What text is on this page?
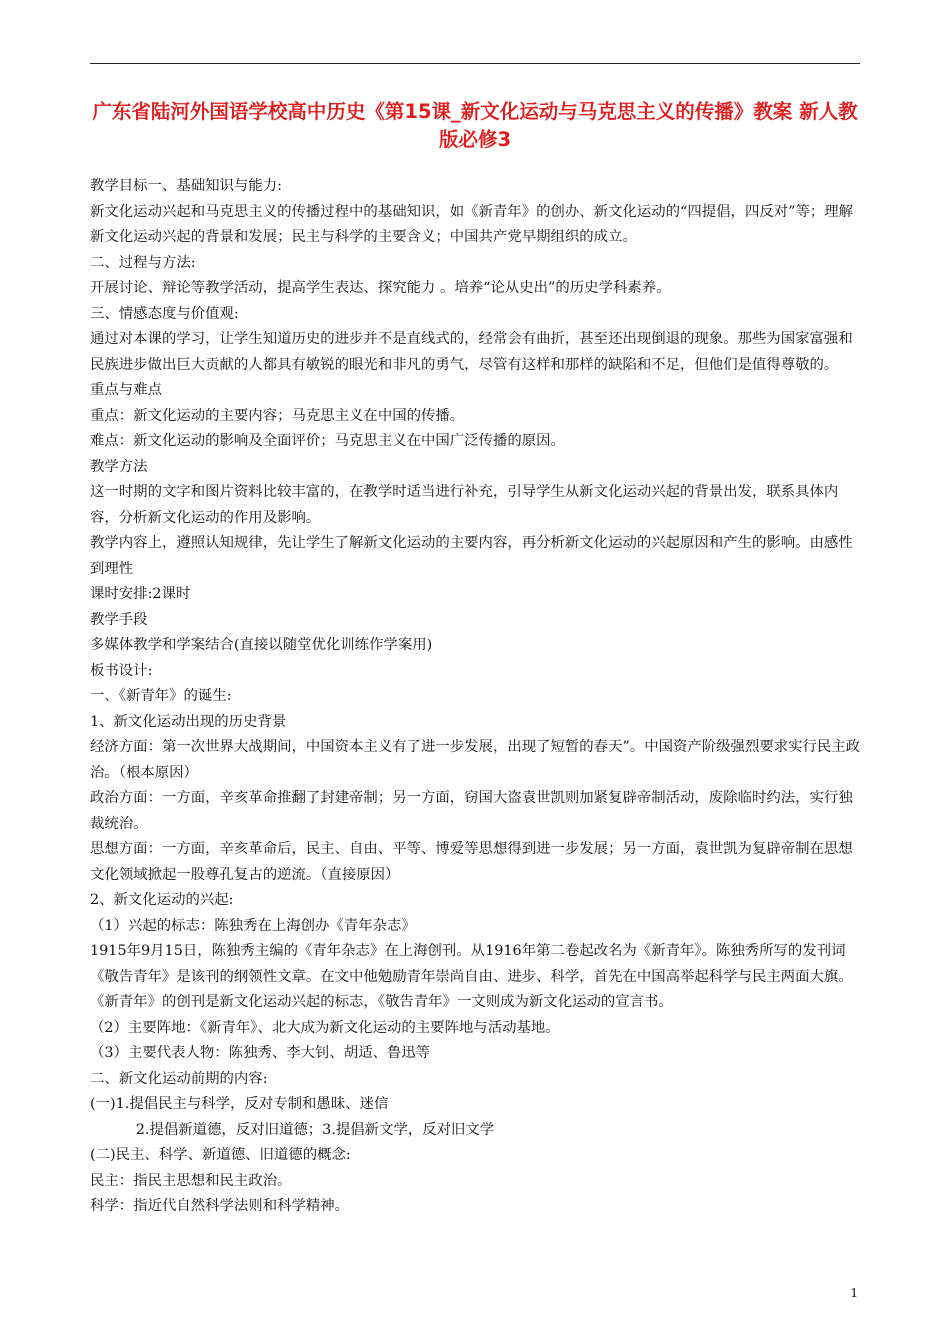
广东省陆河外国语学校高中历史《第15课_新文化运动与马克思主义的传播》教案 新人教版必修3

教学目标一、基础知识与能力:

新文化运动兴起和马克思主义的传播过程中的基础知识，如《新青年》的创办、新文化运动的“四提倡，四反对”等；理解新文化运动兴起的背景和发展；民主与科学的主要含义；中国共产党早期组织的成立。

二、过程与方法:

开展讨论、辩论等教学活动，提高学生表达、探究能力 。培养“论从史出”的历史学科素养。

三、情感态度与价值观:

通过对本课的学习，让学生知道历史的进步并不是直线式的，经常会有曲折，甚至还出现倒退的现象。那些为国家富强和民族进步做出巨大贡献的人都具有敏锐的眼光和非凡的勇气，尽管有这样和那样的缺陷和不足，但他们是值得尊敬的。

重点与难点

重点：新文化运动的主要内容；马克思主义在中国的传播。

难点：新文化运动的影响及全面评价；马克思主义在中国广泛传播的原因。

教学方法

这一时期的文字和图片资料比较丰富的，在教学时适当进行补充，引导学生从新文化运动兴起的背景出发，联系具体内容，分析新文化运动的作用及影响。

教学内容上，遵照认知规律，先让学生了解新文化运动的主要内容，再分析新文化运动的兴起原因和产生的影响。由感性到理性

课时安排:2课时

教学手段

多媒体教学和学案结合(直接以随堂优化训练作学案用)

板书设计:

一、《新青年》的诞生:

1、新文化运动出现的历史背景

经济方面：第一次世界大战期间，中国资本主义有了进一步发展，出现了短暂的春天”。中国资产阶级强烈要求实行民主政治。（根本原因）

政治方面：一方面，辛亥革命推翻了封建帝制；另一方面，窃国大盗袁世凯则加紧复辟帝制活动，废除临时约法，实行独裁统治。

思想方面：一方面，辛亥革命后，民主、自由、平等、博爱等思想得到进一步发展；另一方面，袁世凯为复辟帝制在思想文化领域掀起一股尊孔复古的逆流。（直接原因）

2、新文化运动的兴起:

（1）兴起的标志：陈独秀在上海创办《青年杂志》

1915年9月15日，陈独秀主编的《青年杂志》在上海创刊。从1916年第二卷起改名为《新青年》。陈独秀所写的发刊词《敬告青年》是该刊的纲领性文章。在文中他勉励青年崇尚自由、进步、科学，首先在中国高举起科学与民主两面大旗。《新青年》的创刊是新文化运动兴起的标志，《敬告青年》一文则成为新文化运动的宣言书。

（2）主要阵地：《新青年》、北大成为新文化运动的主要阵地与活动基地。

（3）主要代表人物：陈独秀、李大钊、胡适、鲁迅等

二、新文化运动前期的内容:

(一)1.提倡民主与科学，反对专制和愚昧、迷信

2.提倡新道德，反对旧道德；3.提倡新文学，反对旧文学

(二)民主、科学、新道德、旧道德的概念:

民主：指民主思想和民主政治。

科学：指近代自然科学法则和科学精神。

1
